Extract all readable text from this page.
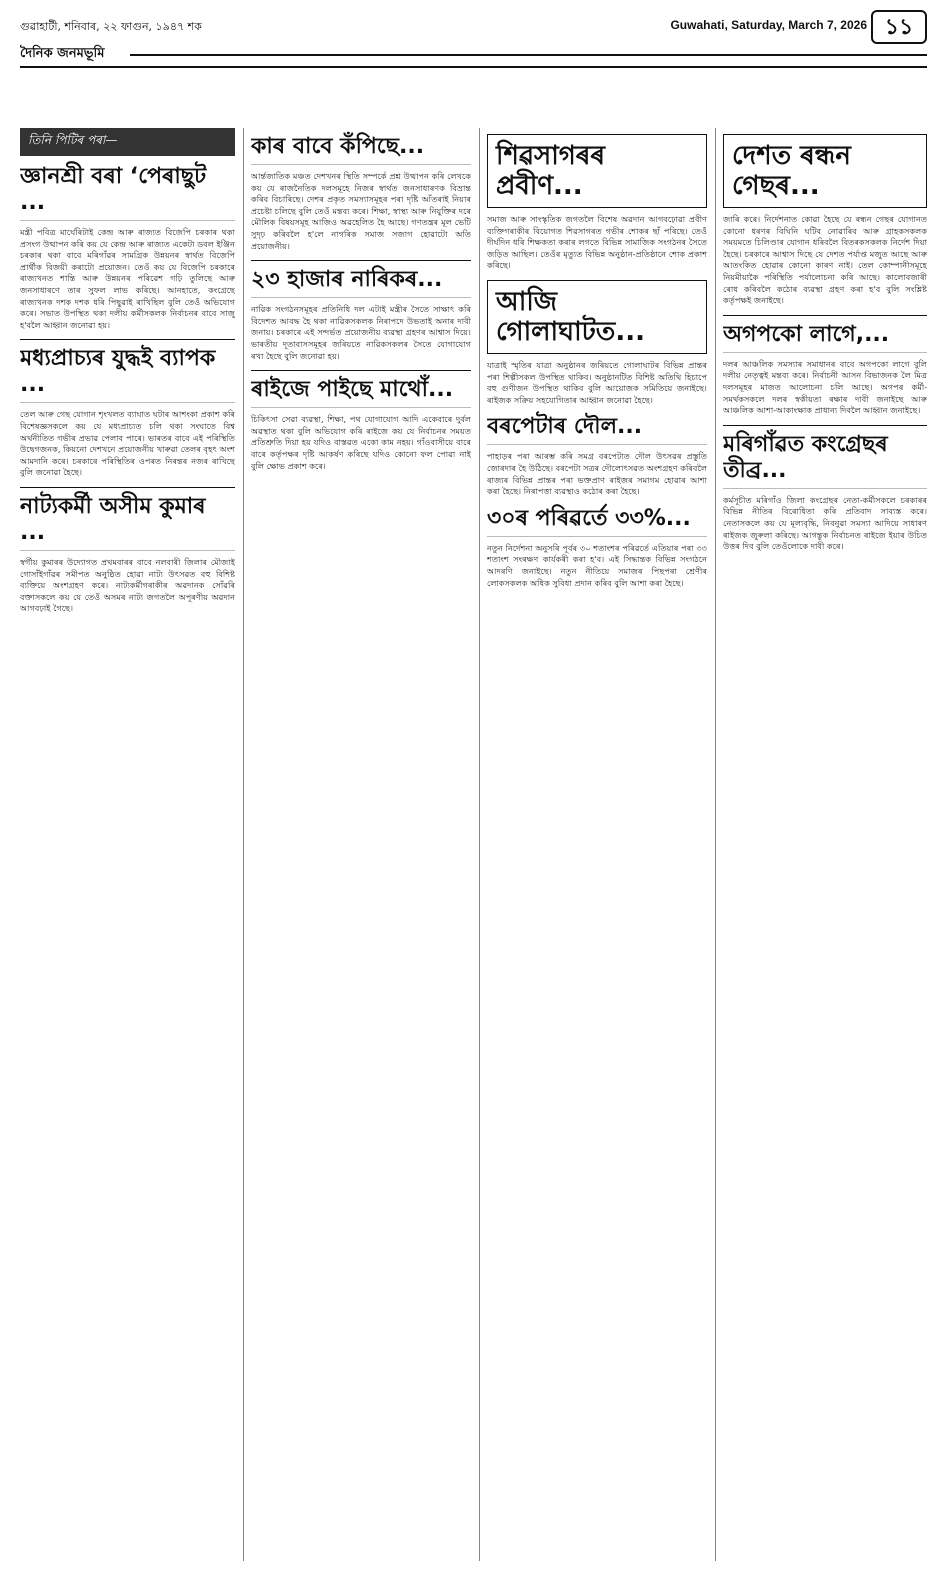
গুৱাহাটী, শনিবাৰ, ২২ ফাগুন, ১৯৪৭ শক	Guwahati, Saturday, March 7, 2026 ১১
দৈনিক জনমভূমি
তিনি পিটিৰ পৰা—
জ্ঞানশ্ৰী বৰা ‘পেৰাছুট ...

মন্ত্ৰী পবিত্ৰ মাৰ্ঘেৰিটাই কেন্দ্ৰ আৰু ৰাজ্যত বিজেপি চৰকাৰ থকা প্ৰসংগ উত্থাপন কৰি কয় যে কেন্দ্ৰ আৰু ৰাজ্যত একেটা ডবল ইঞ্জিন চৰকাৰ থকা বাবে মৰিগাঁৱৰ সামগ্ৰিক উন্নয়নৰ স্বাৰ্থত বিজেপি প্ৰাৰ্থীক বিজয়ী কৰাটো প্ৰয়োজন। তেওঁ কয় যে বিজেপি চৰকাৰে ৰাজ্যখনত শান্তি আৰু উন্নয়নৰ পৰিৱেশ গঢ়ি তুলিছে আৰু জনসাধাৰণে তাৰ সুফল লাভ কৰিছে। আনহাতে, কংগ্ৰেছে ৰাজ্যখনক দশক দশক ধৰি পিছুৱাই ৰাখিছিল বুলি তেওঁ অভিযোগ কৰে। সভাত উপস্থিত থকা দলীয় কৰ্মীসকলক নিৰ্বাচনৰ বাবে সাজু হ'বলৈ আহ্বান জনোৱা হয়।

মধ্যপ্ৰাচ্যৰ যুদ্ধই ব্যাপক ...

তেল আৰু গেছ যোগান শৃংখলত ব্যাঘাত ঘটাৰ আশংকা প্ৰকাশ কৰি বিশেষজ্ঞসকলে কয় যে মধ্যপ্ৰাচ্যত চলি থকা সংঘাতে বিশ্ব অৰ্থনীতিত গভীৰ প্ৰভাৱ পেলাব পাৰে। ভাৰতৰ বাবে এই পৰিস্থিতি উদ্বেগজনক, কিয়নো দেশখনে প্ৰয়োজনীয় খাৰুৱা তেলৰ বৃহৎ অংশ আমদানি কৰে। চৰকাৰে পৰিস্থিতিৰ ওপৰত নিৰন্তৰ নজৰ ৰাখিছে বুলি জনোৱা হৈছে।

নাট্যকৰ্মী অসীম কুমাৰ ...

স্বৰ্গীয় কুমাৰৰ উদ্যোগত প্ৰথমবাৰৰ বাবে নলবাৰী জিলাৰ মৌজাই গোসাঁইগাঁৱৰ সমীপত অনুষ্ঠিত হোৱা নাট্য উৎসৱত বহু বিশিষ্ট ব্যক্তিয়ে অংশগ্ৰহণ কৰে। নাট্যকৰ্মীগৰাকীৰ অৱদানক সোঁৱৰি বক্তাসকলে কয় যে তেওঁ অসমৰ নাট্য জগতলৈ অপূৰণীয় অৱদান আগবঢ়াই গৈছে।

কাৰ বাবে কঁপিছে...

আৰ্ন্তজাতিক মঞ্চত দেশখনৰ স্থিতি সম্পৰ্কে প্ৰশ্ন উত্থাপন কৰি লেখকে কয় যে ৰাজনৈতিক দলসমূহে নিজৰ স্বাৰ্থত জনসাধাৰণক বিভ্ৰান্ত কৰিব বিচাৰিছে। দেশৰ প্ৰকৃত সমস্যাসমূহৰ পৰা দৃষ্টি আঁতৰাই নিয়াৰ প্ৰচেষ্টা চলিছে বুলি তেওঁ মন্তব্য কৰে। শিক্ষা, স্বাস্থ্য আৰু নিযুক্তিৰ দৰে মৌলিক বিষয়সমূহ আজিও অৱহেলিত হৈ আছে। গণতন্ত্ৰৰ মূল ভেটি সুদৃঢ় কৰিবলৈ হ'লে নাগৰিক সমাজ সজাগ হোৱাটো অতি প্ৰয়োজনীয়।

২৩ হাজাৰ নাৰিকৰ...

নাৱিক সংগঠনসমূহৰ প্ৰতিনিধি দল এটাই মন্ত্ৰীৰ সৈতে সাক্ষাৎ কৰি বিদেশত আবদ্ধ হৈ থকা নাৱিকসকলক নিৰাপদে উভতাই অনাৰ দাবী জনায়। চৰকাৰে এই সন্দৰ্ভত প্ৰয়োজনীয় ব্যৱস্থা গ্ৰহণৰ আশ্বাস দিয়ে। ভাৰতীয় দূতাবাসসমূহৰ জৰিয়তে নাৱিকসকলৰ সৈতে যোগাযোগ ৰখা হৈছে বুলি জনোৱা হয়।

ৰাইজে পাইছে মাথোঁ...

চিকিৎসা সেৱা ব্যৱস্থা, শিক্ষা, পথ যোগাযোগ আদি একেবাৰে দুৰ্বল অৱস্থাত থকা বুলি অভিযোগ কৰি ৰাইজে কয় যে নিৰ্বাচনৰ সময়ত প্ৰতিশ্ৰুতি দিয়া হয় যদিও বাস্তৱত একো কাম নহয়। গাঁওবাসীয়ে বাৰে বাৰে কৰ্তৃপক্ষৰ দৃষ্টি আকৰ্ষণ কৰিছে যদিও কোনো ফল পোৱা নাই বুলি ক্ষোভ প্ৰকাশ কৰে।

শিৱসাগৰৰ প্ৰবীণ...

সমাজ আৰু সাংস্কৃতিক জগতলৈ বিশেষ অৱদান আগবঢ়োৱা প্ৰবীণ ব্যক্তিগৰাকীৰ বিয়োগত শিৱসাগৰত গভীৰ শোকৰ ছাঁ পৰিছে। তেওঁ দীৰ্ঘদিন ধৰি শিক্ষকতা কৰাৰ লগতে বিভিন্ন সামাজিক সংগঠনৰ সৈতে জড়িত আছিল। তেওঁৰ মৃত্যুত বিভিন্ন অনুষ্ঠান-প্ৰতিষ্ঠানে শোক প্ৰকাশ কৰিছে।

আজি গোলাঘাটত...

যাত্ৰাই স্মৃতিৰ যাত্ৰা অনুষ্ঠানৰ জৰিয়তে গোলাঘাটৰ বিভিন্ন প্ৰান্তৰ পৰা শিল্পীসকল উপস্থিত থাকিব। অনুষ্ঠানটিত বিশিষ্ট অতিথি হিচাপে বহু গুণীজন উপস্থিত থাকিব বুলি আয়োজক সমিতিয়ে জনাইছে। ৰাইজক সক্ৰিয় সহযোগিতাৰ আহ্বান জনোৱা হৈছে।

বৰপেটাৰ দৌল...

পাহাড়ৰ পৰা আৰম্ভ কৰি সমগ্ৰ বৰপেটাত দৌল উৎসৱৰ প্ৰস্তুতি জোৰদাৰ হৈ উঠিছে। বৰপেটা সত্ৰৰ দৌলোৎসৱত অংশগ্ৰহণ কৰিবলৈ ৰাজ্যৰ বিভিন্ন প্ৰান্তৰ পৰা ভক্তপ্ৰাণ ৰাইজৰ সমাগম হোৱাৰ আশা কৰা হৈছে। নিৰাপত্তা ব্যৱস্থাও কঠোৰ কৰা হৈছে।

৩০ৰ পৰিৱৰ্তে ৩৩%...

নতুন নিৰ্দেশনা অনুসৰি পূৰ্বৰ ৩০ শতাংশৰ পৰিৱৰ্তে এতিয়াৰ পৰা ৩৩ শতাংশ সংৰক্ষণ কাৰ্যকৰী কৰা হ'ব। এই সিদ্ধান্তক বিভিন্ন সংগঠনে আদৰণি জনাইছে। নতুন নীতিয়ে সমাজৰ পিছপৰা শ্ৰেণীৰ লোকসকলক অধিক সুবিধা প্ৰদান কৰিব বুলি আশা কৰা হৈছে।

দেশত ৰন্ধন গেছৰ...

জাৰি কৰে। নিৰ্দেশনাত কোৱা হৈছে যে ৰন্ধন গেছৰ যোগানত কোনো ধৰণৰ বিঘিনি ঘটিব নোৱাৰিব আৰু গ্ৰাহকসকলক সময়মতে চিলিণ্ডাৰ যোগান ধৰিবলৈ বিতৰকসকলক নিৰ্দেশ দিয়া হৈছে। চৰকাৰে আশ্বাস দিছে যে দেশত পৰ্যাপ্ত মজুত আছে আৰু আতংকিত হোৱাৰ কোনো কাৰণ নাই। তেল কোম্পানীসমূহে নিয়মীয়াকৈ পৰিস্থিতি পৰ্যালোচনা কৰি আছে। কালোবজাৰী ৰোধ কৰিবলৈ কঠোৰ ব্যৱস্থা গ্ৰহণ কৰা হ'ব বুলি সংশ্লিষ্ট কৰ্তৃপক্ষই জনাইছে।

অগপকো লাগে,...

দলৰ আঞ্চলিক সমস্যাৰ সমাধানৰ বাবে অগপকো লাগে বুলি দলীয় নেতৃত্বই মন্তব্য কৰে। নিৰ্বাচনী আসন বিভাজনক লৈ মিত্ৰ দলসমূহৰ মাজত আলোচনা চলি আছে। অগপৰ কৰ্মী-সমৰ্থকসকলে দলৰ স্বকীয়তা ৰক্ষাৰ দাবী জনাইছে আৰু আঞ্চলিক আশা-আকাংক্ষাক প্ৰাধান্য দিবলৈ আহ্বান জনাইছে।

মৰিগাঁৱত কংগ্ৰেছৰ তীব্ৰ...

কৰ্মসূচীত মৰিগাঁও জিলা কংগ্ৰেছৰ নেতা-কৰ্মীসকলে চৰকাৰৰ বিভিন্ন নীতিৰ বিৰোধিতা কৰি প্ৰতিবাদ সাব্যস্ত কৰে। নেতাসকলে কয় যে মূল্যবৃদ্ধি, নিবনুৱা সমস্যা আদিয়ে সাধাৰণ ৰাইজক জুৰুলা কৰিছে। আগন্তুক নিৰ্বাচনত ৰাইজে ইয়াৰ উচিত উত্তৰ দিব বুলি তেওঁলোকে দাবী কৰে।
